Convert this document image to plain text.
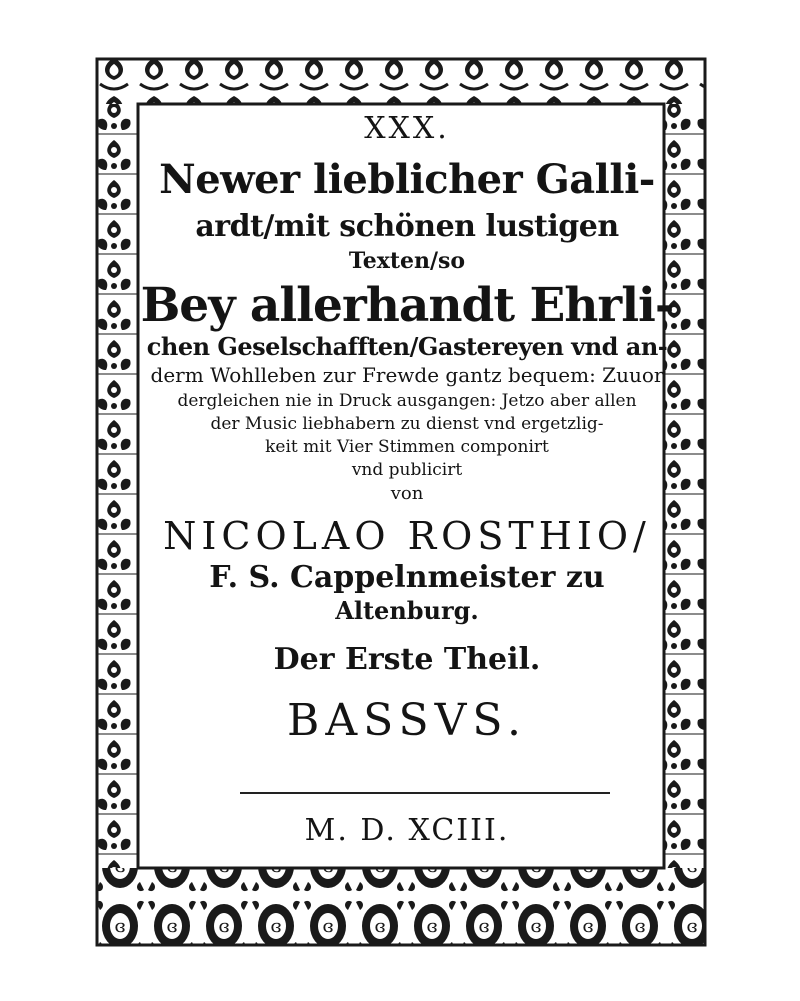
XXX.
Newer lieblicher Galli-
ardt/mit schönen lustigen
Texten/so
Bey allerhandt Ehrli-
chen Geselschafften/Gastereyen vnd an-
derm Wohlleben zur Frewde gantz bequem: Zuuor
dergleichen nie in Druck ausgangen: Jetzo aber allen
der Music liebhabern zu dienst vnd ergetzlig-
keit mit Vier Stimmen componirt
vnd publicirt
von
NICOLAO ROSTHIO/
F. S. Cappelnmeister zu
Altenburg.
Der Erste Theil.
BASSVS.
M. D. XCIII.
